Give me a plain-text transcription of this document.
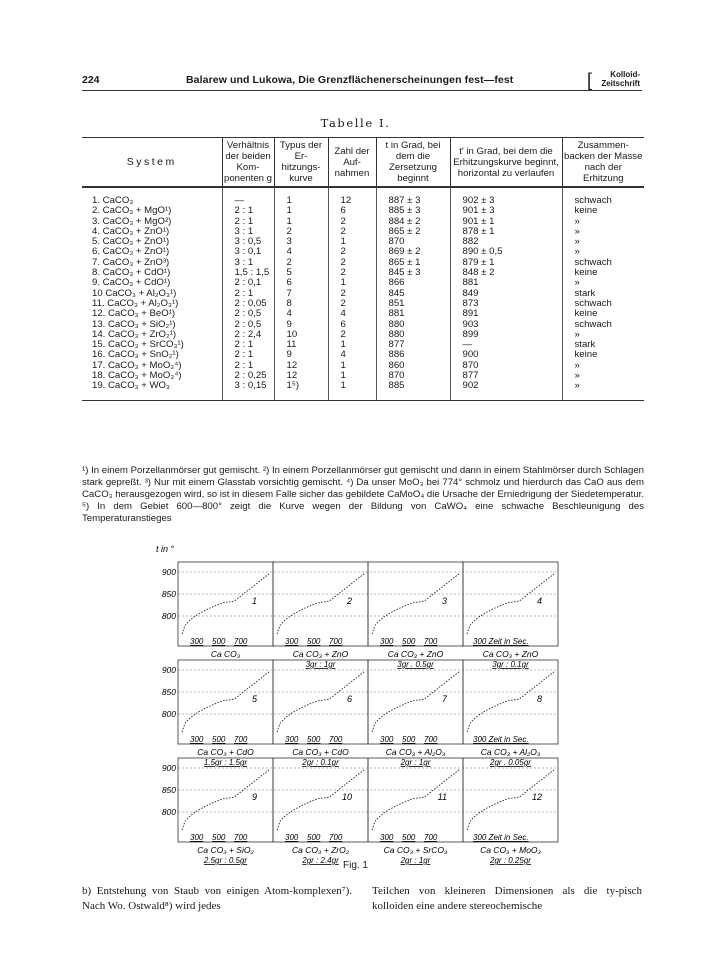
224	Balarew und Lukowa, Die Grenzflächenerscheinungen fest—fest	[	Kolloid-
Zeitschrift
Tabelle I.
System	Verhältnis der beiden Kom-ponenten g	Typus der Er-hitzungs-kurve	Zahl der Auf-nahmen	t in Grad, bei dem die Zersetzung beginnt	t' in Grad, bei dem die Erhitzungskurve beginnt, horizontal zu verlaufen	Zusammen-backen der Masse nach der Erhitzung
1. CaCO₃	—	1	12	887 ± 3	902 ± 3	schwach
2. CaCO₃ + MgO¹)	2 : 1	1	6	885 ± 3	901 ± 3	keine
3. CaCO₃ + MgO²)	2 : 1	1	2	884 ± 2	901 ± 1	»
4. CaCO₃ + ZnO¹)	3 : 1	2	2	865 ± 2	878 ± 1	»
5. CaCO₃ + ZnO¹)	3 : 0,5	3	1	870	882	»
6. CaCO₃ + ZnO¹)	3 : 0,1	4	2	869 ± 2	890 ± 0,5	»
7. CaCO₃ + ZnO³)	3 : 1	2	2	865 ± 1	879 ± 1	schwach
8. CaCO₃ + CdO¹)	1,5 : 1,5	5	2	845 ± 3	848 ± 2	keine
9. CaCO₃ + CdO¹)	2 : 0,1	6	1	866	881	»
10 CaCO₃ + Al₂O₃¹)	2 : 1	7	2	845	849	stark
11. CaCO₃ + Al₂O₃¹)	2 : 0,05	8	2	851	873	schwach
12. CaCO₃ + BeO¹)	2 : 0,5	4	4	881	891	keine
13. CaCO₃ + SiO₂¹)	2 : 0,5	9	6	880	903	schwach
14. CaCO₃ + ZrO₂¹)	2 : 2,4	10	2	880	899	»
15. CaCO₃ + SrCO₃¹)	2 : 1	11	1	877	—	stark
16. CaCO₃ + SnO₂¹)	2 : 1	9	4	886	900	keine
17. CaCO₃ + MoO₃⁴)	2 : 1	12	1	860	870	»
18. CaCO₃ + MoO₃⁴)	2 : 0,25	12	1	870	877	»
19. CaCO₃ + WO₃	3 : 0,15	1⁵)	1	885	902	»
¹) In einem Porzellanmörser gut gemischt. ²) In einem Porzellanmörser gut gemischt und dann in einem Stahlmörser durch Schlagen stark gepreßt. ³) Nur mit einem Glasstab vorsichtig gemischt. ⁴) Da unser MoO₃ bei 774° schmolz und hierdurch das CaO aus dem CaCO₃ herausgezogen wird, so ist in diesem Falle sicher das gebildete CaMoO₄ die Ursache der Erniedrigung der Siedetemperatur. ⁵) In dem Gebiet 600—800° zeigt die Kurve wegen der Bildung von CaWO₄ eine schwache Beschleunigung des Temperaturanstieges
t in °
900
850
800
1
300 500 700
Ca CO₃
2
300 500 700
Ca CO₃ + ZnO
3gr : 1gr
3
300 500 700
Ca CO₃ + ZnO
3gr . 0.5gr
4
300 Zeit in Sec.
Ca CO₃ + ZnO
3gr : 0.1gr
900
850
800
5
300 500 700
Ca CO₃ + CdO
1.5gr : 1.5gr
6
300 500 700
Ca CO₃ + CdO
2gr : 0.1gr
7
300 500 700
Ca CO₃ + Al₂O₃
2gr : 1gr
8
300 Zeit in Sec.
Ca CO₃ + Al₂O₃
2gr . 0.05gr
900
850
800
9
300 500 700
Ca CO₃ + SiO₂
2.5gr : 0.5gr
10
300 500 700
Ca CO₃ + ZrO₂
2gr : 2.4gr
11
300 500 700
Ca CO₃ + SrCO₃
2gr : 1gr
12
300 Zeit in Sec.
Ca CO₃ + MoO₃
2gr : 0.25gr
Fig. 1
b) Entstehung von Staub von einigen Atom-komplexen⁷). Nach Wo. Ostwald⁸) wird jedes
Teilchen von kleineren Dimensionen als die ty-pisch kolloiden eine andere stereochemische
